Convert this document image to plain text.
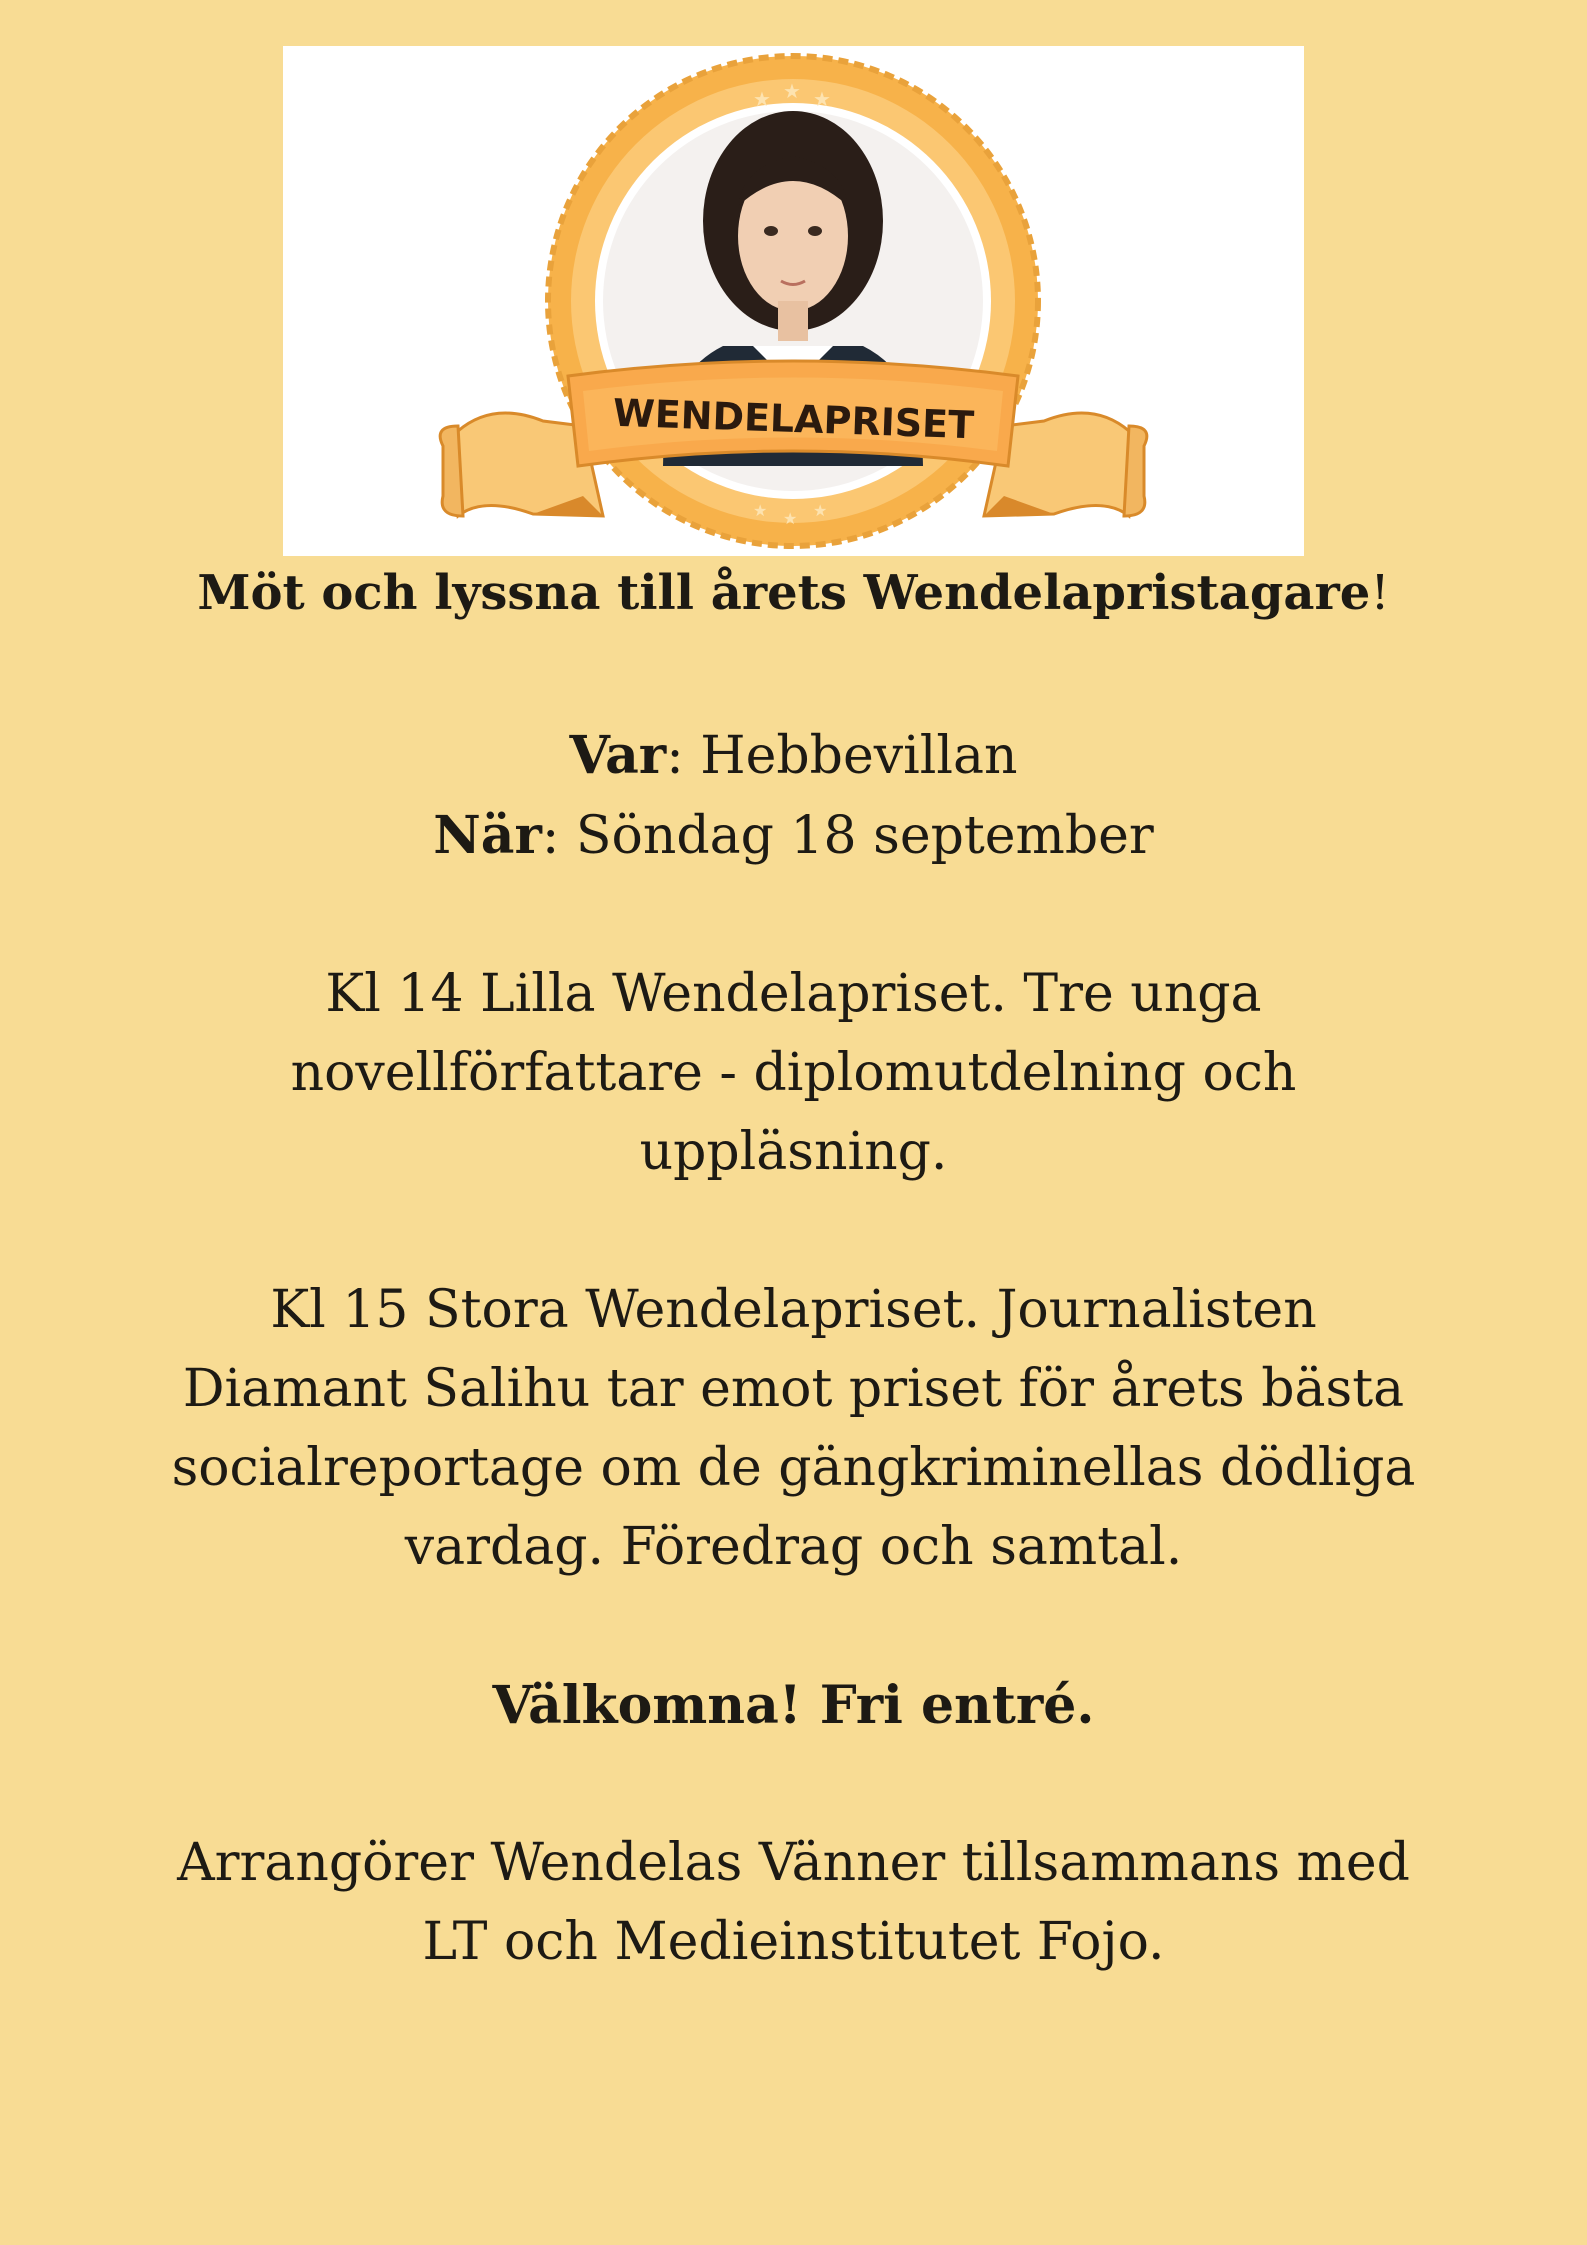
★ ★ ★
★ ★ ★
WENDELAPRISET

Möt och lyssna till årets Wendelapristagare!

Var: Hebbevillan

När: Söndag 18 september

Kl 14 Lilla Wendelapriset. Tre unga

novellförfattare - diplomutdelning och

uppläsning.

Kl 15 Stora Wendelapriset. Journalisten

Diamant Salihu tar emot priset för årets bästa

socialreportage om de gängkriminellas dödliga

vardag. Föredrag och samtal.

Välkomna! Fri entré.

Arrangörer Wendelas Vänner tillsammans med

LT och Medieinstitutet Fojo.
